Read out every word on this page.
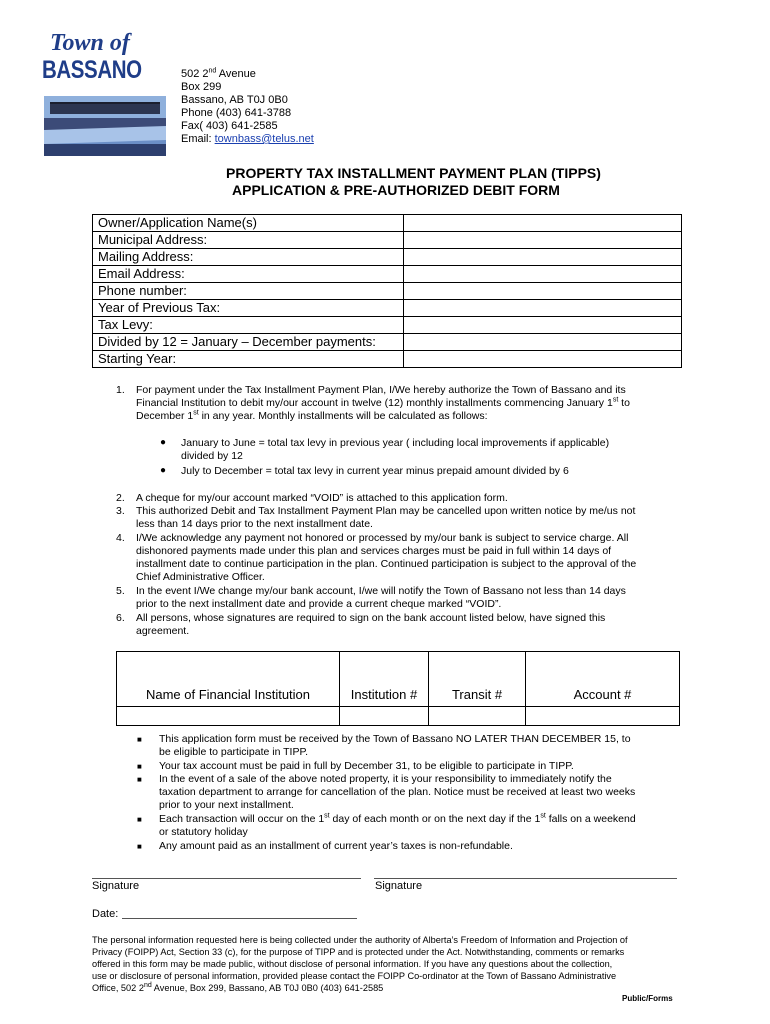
Town of
BASSANO	502 2nd Avenue
Box 299
Bassano, AB T0J 0B0
Phone (403) 641-3788
Fax( 403) 641-2585
Email: townbass@telus.net
PROPERTY TAX INSTALLMENT PAYMENT PLAN (TIPPS)
APPLICATION & PRE-AUTHORIZED DEBIT FORM
Owner/Application Name(s)	
Municipal Address:	
Mailing Address:	
Email Address:	
Phone number:	
Year of Previous Tax:	
Tax Levy:	
Divided by 12 = January – December payments:	
Starting Year:	
1. For payment under the Tax Installment Payment Plan, I/We hereby authorize the Town of Bassano and its
Financial Institution to debit my/our account in twelve (12) monthly installments commencing January 1st to
December 1st in any year. Monthly installments will be calculated as follows:
● January to June = total tax levy in previous year ( including local improvements if applicable)
divided by 12
● July to December = total tax levy in current year minus prepaid amount divided by 6
2. A cheque for my/our account marked “VOID” is attached to this application form.
3. This authorized Debit and Tax Installment Payment Plan may be cancelled upon written notice by me/us not
less than 14 days prior to the next installment date.
4. I/We acknowledge any payment not honored or processed by my/our bank is subject to service charge. All
dishonored payments made under this plan and services charges must be paid in full within 14 days of
installment date to continue participation in the plan. Continued participation is subject to the approval of the
Chief Administrative Officer.
5. In the event I/We change my/our bank account, I/we will notify the Town of Bassano not less than 14 days
prior to the next installment date and provide a current cheque marked “VOID”.
6. All persons, whose signatures are required to sign on the bank account listed below, have signed this
agreement.
Name of Financial Institution	Institution #	Transit #	Account #

■ This application form must be received by the Town of Bassano NO LATER THAN DECEMBER 15, to
be eligible to participate in TIPP.
■ Your tax account must be paid in full by December 31, to be eligible to participate in TIPP.
■ In the event of a sale of the above noted property, it is your responsibility to immediately notify the
taxation department to arrange for cancellation of the plan. Notice must be received at least two weeks
prior to your next installment.
■ Each transaction will occur on the 1st day of each month or on the next day if the 1st falls on a weekend
or statutory holiday
■ Any amount paid as an installment of current year’s taxes is non-refundable.
Signature	Signature
Date:
The personal information requested here is being collected under the authority of Alberta’s Freedom of Information and Projection of
Privacy (FOIPP) Act, Section 33 (c), for the purpose of TIPP and is protected under the Act. Notwithstanding, comments or remarks
offered in this form may be made public, without disclose of personal information. If you have any questions about the collection,
use or disclosure of personal information, provided please contact the FOIPP Co-ordinator at the Town of Bassano Administrative
Office, 502 2nd Avenue, Box 299, Bassano, AB T0J 0B0 (403) 641-2585
Public/Forms
